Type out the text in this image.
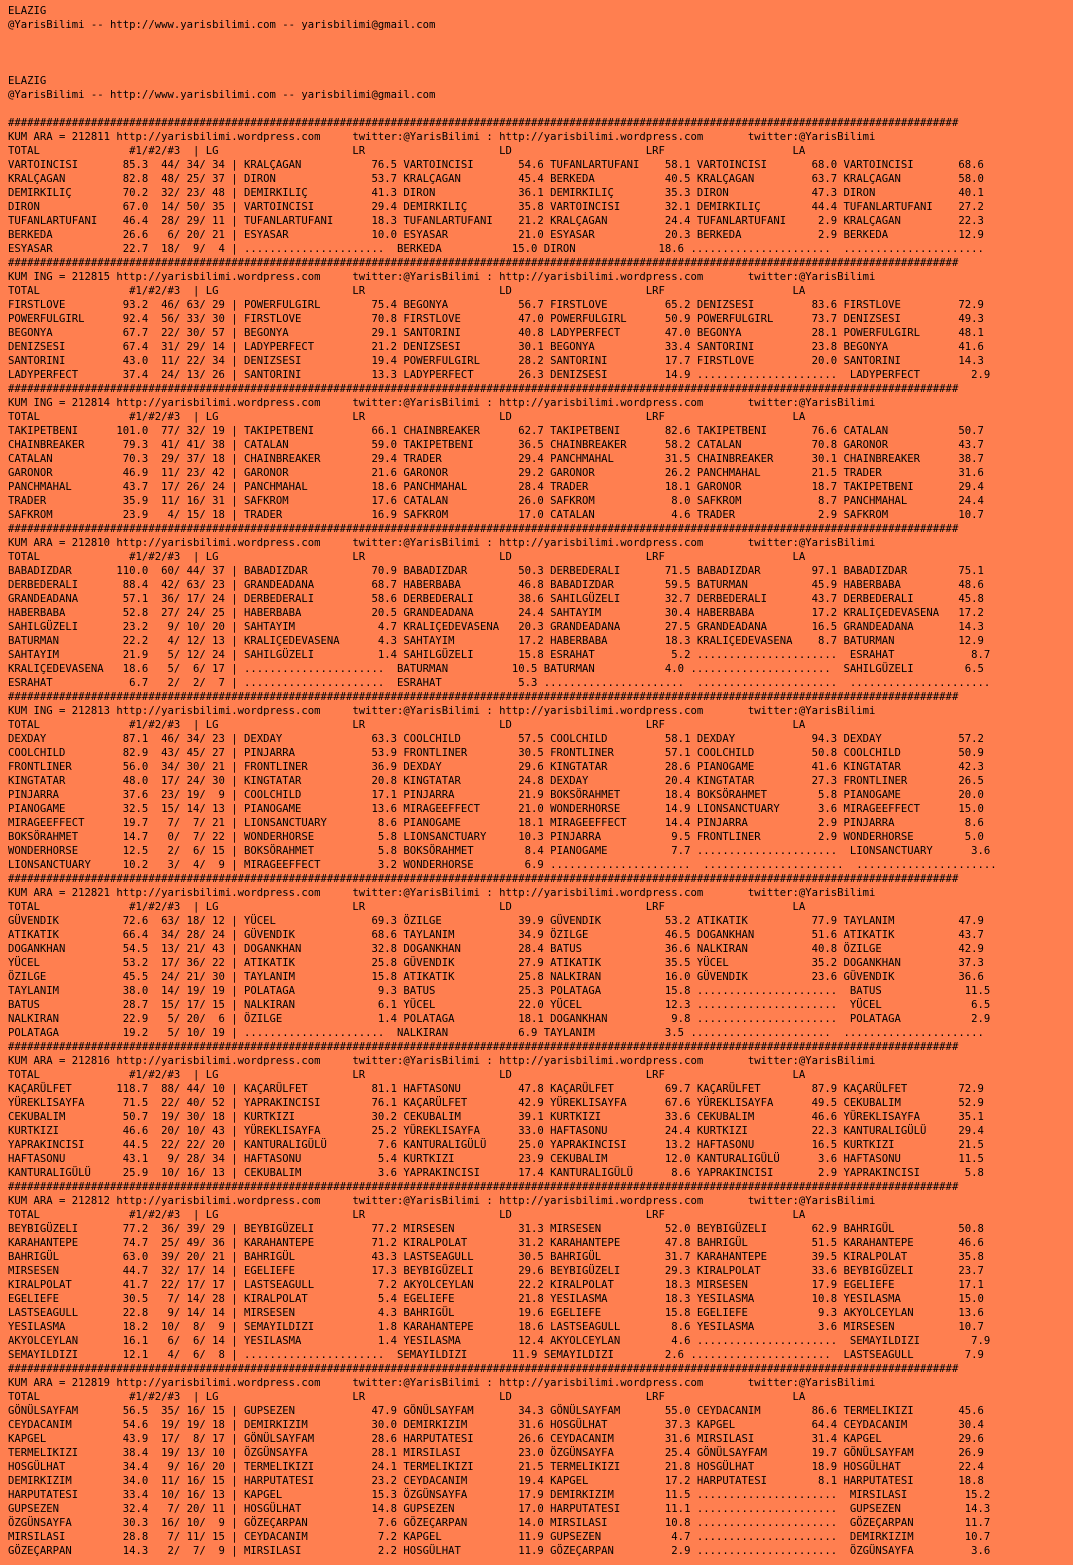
ELAZIG
@YarisBilimi -- http://www.yarisbilimi.com -- yarisbilimi@gmail.com

ELAZIG
@YarisBilimi -- http://www.yarisbilimi.com -- yarisbilimi@gmail.com

#####################################################################################################################################################
KUM ARA = 212811 http://yarisbilimi.wordpress.com     twitter:@YarisBilimi : http://yarisbilimi.wordpress.com       twitter:@YarisBilimi
TOTAL              #1/#2/#3  | LG                     LR                     LD                     LRF                    LA
VARTOINCISI       85.3  44/ 34/ 34 | KRALÇAGAN           76.5 VARTOINCISI       54.6 TUFANLARTUFANI    58.1 VARTOINCISI       68.0 VARTOINCISI       68.6
KRALÇAGAN         82.8  48/ 25/ 37 | DIRON               53.7 KRALÇAGAN         45.4 BERKEDA           40.5 KRALÇAGAN         63.7 KRALÇAGAN         58.0
DEMIRKILIÇ        70.2  32/ 23/ 48 | DEMIRKILIÇ          41.3 DIRON             36.1 DEMIRKILIÇ        35.3 DIRON             47.3 DIRON             40.1
DIRON             67.0  14/ 50/ 35 | VARTOINCISI         29.4 DEMIRKILIÇ        35.8 VARTOINCISI       32.1 DEMIRKILIÇ        44.4 TUFANLARTUFANI    27.2
TUFANLARTUFANI    46.4  28/ 29/ 11 | TUFANLARTUFANI      18.3 TUFANLARTUFANI    21.2 KRALÇAGAN         24.4 TUFANLARTUFANI     2.9 KRALÇAGAN         22.3
BERKEDA           26.6   6/ 20/ 21 | ESYASAR             10.0 ESYASAR           21.0 ESYASAR           20.3 BERKEDA            2.9 BERKEDA           12.9
ESYASAR           22.7  18/  9/  4 | ......................  BERKEDA           15.0 DIRON             18.6 ......................  ......................
#####################################################################################################################################################
KUM ING = 212815 http://yarisbilimi.wordpress.com     twitter:@YarisBilimi : http://yarisbilimi.wordpress.com       twitter:@YarisBilimi
TOTAL              #1/#2/#3  | LG                     LR                     LD                     LRF                    LA
FIRSTLOVE         93.2  46/ 63/ 29 | POWERFULGIRL        75.4 BEGONYA           56.7 FIRSTLOVE         65.2 DENIZSESI         83.6 FIRSTLOVE         72.9
POWERFULGIRL      92.4  56/ 33/ 30 | FIRSTLOVE           70.8 FIRSTLOVE         47.0 POWERFULGIRL      50.9 POWERFULGIRL      73.7 DENIZSESI         49.3
BEGONYA           67.7  22/ 30/ 57 | BEGONYA             29.1 SANTORINI         40.8 LADYPERFECT       47.0 BEGONYA           28.1 POWERFULGIRL      48.1
DENIZSESI         67.4  31/ 29/ 14 | LADYPERFECT         21.2 DENIZSESI         30.1 BEGONYA           33.4 SANTORINI         23.8 BEGONYA           41.6
SANTORINI         43.0  11/ 22/ 34 | DENIZSESI           19.4 POWERFULGIRL      28.2 SANTORINI         17.7 FIRSTLOVE         20.0 SANTORINI         14.3
LADYPERFECT       37.4  24/ 13/ 26 | SANTORINI           13.3 LADYPERFECT       26.3 DENIZSESI         14.9 ......................  LADYPERFECT        2.9
#####################################################################################################################################################
KUM ING = 212814 http://yarisbilimi.wordpress.com     twitter:@YarisBilimi : http://yarisbilimi.wordpress.com       twitter:@YarisBilimi
TOTAL              #1/#2/#3  | LG                     LR                     LD                     LRF                    LA
TAKIPETBENI      101.0  77/ 32/ 19 | TAKIPETBENI         66.1 CHAINBREAKER      62.7 TAKIPETBENI       82.6 TAKIPETBENI       76.6 CATALAN           50.7
CHAINBREAKER      79.3  41/ 41/ 38 | CATALAN             59.0 TAKIPETBENI       36.5 CHAINBREAKER      58.2 CATALAN           70.8 GARONOR           43.7
CATALAN           70.3  29/ 37/ 18 | CHAINBREAKER        29.4 TRADER            29.4 PANCHMAHAL        31.5 CHAINBREAKER      30.1 CHAINBREAKER      38.7
GARONOR           46.9  11/ 23/ 42 | GARONOR             21.6 GARONOR           29.2 GARONOR           26.2 PANCHMAHAL        21.5 TRADER            31.6
PANCHMAHAL        43.7  17/ 26/ 24 | PANCHMAHAL          18.6 PANCHMAHAL        28.4 TRADER            18.1 GARONOR           18.7 TAKIPETBENI       29.4
TRADER            35.9  11/ 16/ 31 | SAFKROM             17.6 CATALAN           26.0 SAFKROM            8.0 SAFKROM            8.7 PANCHMAHAL        24.4
SAFKROM           23.9   4/ 15/ 18 | TRADER              16.9 SAFKROM           17.0 CATALAN            4.6 TRADER             2.9 SAFKROM           10.7
#####################################################################################################################################################
KUM ARA = 212810 http://yarisbilimi.wordpress.com     twitter:@YarisBilimi : http://yarisbilimi.wordpress.com       twitter:@YarisBilimi
TOTAL              #1/#2/#3  | LG                     LR                     LD                     LRF                    LA
BABADIZDAR       110.0  60/ 44/ 37 | BABADIZDAR          70.9 BABADIZDAR        50.3 DERBEDERALI       71.5 BABADIZDAR        97.1 BABADIZDAR        75.1
DERBEDERALI       88.4  42/ 63/ 23 | GRANDEADANA         68.7 HABERBABA         46.8 BABADIZDAR        59.5 BATURMAN          45.9 HABERBABA         48.6
GRANDEADANA       57.1  36/ 17/ 24 | DERBEDERALI         58.6 DERBEDERALI       38.6 SAHILGÜZELI       32.7 DERBEDERALI       43.7 DERBEDERALI       45.8
HABERBABA         52.8  27/ 24/ 25 | HABERBABA           20.5 GRANDEADANA       24.4 SAHTAYIM          30.4 HABERBABA         17.2 KRALIÇEDEVASENA   17.2
SAHILGÜZELI       23.2   9/ 10/ 20 | SAHTAYIM             4.7 KRALIÇEDEVASENA   20.3 GRANDEADANA       27.5 GRANDEADANA       16.5 GRANDEADANA       14.3
BATURMAN          22.2   4/ 12/ 13 | KRALIÇEDEVASENA      4.3 SAHTAYIM          17.2 HABERBABA         18.3 KRALIÇEDEVASENA    8.7 BATURMAN          12.9
SAHTAYIM          21.9   5/ 12/ 24 | SAHILGÜZELI          1.4 SAHILGÜZELI       15.8 ESRAHAT            5.2 ......................  ESRAHAT            8.7
KRALIÇEDEVASENA   18.6   5/  6/ 17 | ......................  BATURMAN          10.5 BATURMAN           4.0 ......................  SAHILGÜZELI        6.5
ESRAHAT            6.7   2/  2/  7 | ......................  ESRAHAT            5.3 ......................  ......................  ......................
#####################################################################################################################################################
KUM ING = 212813 http://yarisbilimi.wordpress.com     twitter:@YarisBilimi : http://yarisbilimi.wordpress.com       twitter:@YarisBilimi
TOTAL              #1/#2/#3  | LG                     LR                     LD                     LRF                    LA
DEXDAY            87.1  46/ 34/ 23 | DEXDAY              63.3 COOLCHILD         57.5 COOLCHILD         58.1 DEXDAY            94.3 DEXDAY            57.2
COOLCHILD         82.9  43/ 45/ 27 | PINJARRA            53.9 FRONTLINER        30.5 FRONTLINER        57.1 COOLCHILD         50.8 COOLCHILD         50.9
FRONTLINER        56.0  34/ 30/ 21 | FRONTLINER          36.9 DEXDAY            29.6 KINGTATAR         28.6 PIANOGAME         41.6 KINGTATAR         42.3
KINGTATAR         48.0  17/ 24/ 30 | KINGTATAR           20.8 KINGTATAR         24.8 DEXDAY            20.4 KINGTATAR         27.3 FRONTLINER        26.5
PINJARRA          37.6  23/ 19/  9 | COOLCHILD           17.1 PINJARRA          21.9 BOKSÖRAHMET       18.4 BOKSÖRAHMET        5.8 PIANOGAME         20.0
PIANOGAME         32.5  15/ 14/ 13 | PIANOGAME           13.6 MIRAGEEFFECT      21.0 WONDERHORSE       14.9 LIONSANCTUARY      3.6 MIRAGEEFFECT      15.0
MIRAGEEFFECT      19.7   7/  7/ 21 | LIONSANCTUARY        8.6 PIANOGAME         18.1 MIRAGEEFFECT      14.4 PINJARRA           2.9 PINJARRA           8.6
BOKSÖRAHMET       14.7   0/  7/ 22 | WONDERHORSE          5.8 LIONSANCTUARY     10.3 PINJARRA           9.5 FRONTLINER         2.9 WONDERHORSE        5.0
WONDERHORSE       12.5   2/  6/ 15 | BOKSÖRAHMET          5.8 BOKSÖRAHMET        8.4 PIANOGAME          7.7 ......................  LIONSANCTUARY      3.6
LIONSANCTUARY     10.2   3/  4/  9 | MIRAGEEFFECT         3.2 WONDERHORSE        6.9 ......................  ......................  ......................
#####################################################################################################################################################
KUM ARA = 212821 http://yarisbilimi.wordpress.com     twitter:@YarisBilimi : http://yarisbilimi.wordpress.com       twitter:@YarisBilimi
TOTAL              #1/#2/#3  | LG                     LR                     LD                     LRF                    LA
GÜVENDIK          72.6  63/ 18/ 12 | YÜCEL               69.3 ÖZILGE            39.9 GÜVENDIK          53.2 ATIKATIK          77.9 TAYLANIM          47.9
ATIKATIK          66.4  34/ 28/ 24 | GÜVENDIK            68.6 TAYLANIM          34.9 ÖZILGE            46.5 DOGANKHAN         51.6 ATIKATIK          43.7
DOGANKHAN         54.5  13/ 21/ 43 | DOGANKHAN           32.8 DOGANKHAN         28.4 BATUS             36.6 NALKIRAN          40.8 ÖZILGE            42.9
YÜCEL             53.2  17/ 36/ 22 | ATIKATIK            25.8 GÜVENDIK          27.9 ATIKATIK          35.5 YÜCEL             35.2 DOGANKHAN         37.3
ÖZILGE            45.5  24/ 21/ 30 | TAYLANIM            15.8 ATIKATIK          25.8 NALKIRAN          16.0 GÜVENDIK          23.6 GÜVENDIK          36.6
TAYLANIM          38.0  14/ 19/ 19 | POLATAGA             9.3 BATUS             25.3 POLATAGA          15.8 ......................  BATUS             11.5
BATUS             28.7  15/ 17/ 15 | NALKIRAN             6.1 YÜCEL             22.0 YÜCEL             12.3 ......................  YÜCEL              6.5
NALKIRAN          22.9   5/ 20/  6 | ÖZILGE               1.4 POLATAGA          18.1 DOGANKHAN          9.8 ......................  POLATAGA           2.9
POLATAGA          19.2   5/ 10/ 19 | ......................  NALKIRAN           6.9 TAYLANIM           3.5 ......................  ......................
#####################################################################################################################################################
KUM ARA = 212816 http://yarisbilimi.wordpress.com     twitter:@YarisBilimi : http://yarisbilimi.wordpress.com       twitter:@YarisBilimi
TOTAL              #1/#2/#3  | LG                     LR                     LD                     LRF                    LA
KAÇARÜLFET       118.7  88/ 44/ 10 | KAÇARÜLFET          81.1 HAFTASONU         47.8 KAÇARÜLFET        69.7 KAÇARÜLFET        87.9 KAÇARÜLFET        72.9
YÜREKLISAYFA      71.5  22/ 40/ 52 | YAPRAKINCISI        76.1 KAÇARÜLFET        42.9 YÜREKLISAYFA      67.6 YÜREKLISAYFA      49.5 CEKUBALIM         52.9
CEKUBALIM         50.7  19/ 30/ 18 | KURTKIZI            30.2 CEKUBALIM         39.1 KURTKIZI          33.6 CEKUBALIM         46.6 YÜREKLISAYFA      35.1
KURTKIZI          46.6  20/ 10/ 43 | YÜREKLISAYFA        25.2 YÜREKLISAYFA      33.0 HAFTASONU         24.4 KURTKIZI          22.3 KANTURALIGÜLÜ     29.4
YAPRAKINCISI      44.5  22/ 22/ 20 | KANTURALIGÜLÜ        7.6 KANTURALIGÜLÜ     25.0 YAPRAKINCISI      13.2 HAFTASONU         16.5 KURTKIZI          21.5
HAFTASONU         43.1   9/ 28/ 34 | HAFTASONU            5.4 KURTKIZI          23.9 CEKUBALIM         12.0 KANTURALIGÜLÜ      3.6 HAFTASONU         11.5
KANTURALIGÜLÜ     25.9  10/ 16/ 13 | CEKUBALIM            3.6 YAPRAKINCISI      17.4 KANTURALIGÜLÜ      8.6 YAPRAKINCISI       2.9 YAPRAKINCISI       5.8
#####################################################################################################################################################
KUM ARA = 212812 http://yarisbilimi.wordpress.com     twitter:@YarisBilimi : http://yarisbilimi.wordpress.com       twitter:@YarisBilimi
TOTAL              #1/#2/#3  | LG                     LR                     LD                     LRF                    LA
BEYBIGÜZELI       77.2  36/ 39/ 29 | BEYBIGÜZELI         77.2 MIRSESEN          31.3 MIRSESEN          52.0 BEYBIGÜZELI       62.9 BAHRIGÜL          50.8
KARAHANTEPE       74.7  25/ 49/ 36 | KARAHANTEPE         71.2 KIRALPOLAT        31.2 KARAHANTEPE       47.8 BAHRIGÜL          51.5 KARAHANTEPE       46.6
BAHRIGÜL          63.0  39/ 20/ 21 | BAHRIGÜL            43.3 LASTSEAGULL       30.5 BAHRIGÜL          31.7 KARAHANTEPE       39.5 KIRALPOLAT        35.8
MIRSESEN          44.7  32/ 17/ 14 | EGELIEFE            17.3 BEYBIGÜZELI       29.6 BEYBIGÜZELI       29.3 KIRALPOLAT        33.6 BEYBIGÜZELI       23.7
KIRALPOLAT        41.7  22/ 17/ 17 | LASTSEAGULL          7.2 AKYOLCEYLAN       22.2 KIRALPOLAT        18.3 MIRSESEN          17.9 EGELIEFE          17.1
EGELIEFE          30.5   7/ 14/ 28 | KIRALPOLAT           5.4 EGELIEFE          21.8 YESILASMA         18.3 YESILASMA         10.8 YESILASMA         15.0
LASTSEAGULL       22.8   9/ 14/ 14 | MIRSESEN             4.3 BAHRIGÜL          19.6 EGELIEFE          15.8 EGELIEFE           9.3 AKYOLCEYLAN       13.6
YESILASMA         18.2  10/  8/  9 | SEMAYILDIZI          1.8 KARAHANTEPE       18.6 LASTSEAGULL        8.6 YESILASMA          3.6 MIRSESEN          10.7
AKYOLCEYLAN       16.1   6/  6/ 14 | YESILASMA            1.4 YESILASMA         12.4 AKYOLCEYLAN        4.6 ......................  SEMAYILDIZI        7.9
SEMAYILDIZI       12.1   4/  6/  8 | ......................  SEMAYILDIZI       11.9 SEMAYILDIZI        2.6 ......................  LASTSEAGULL        7.9
#####################################################################################################################################################
KUM ARA = 212819 http://yarisbilimi.wordpress.com     twitter:@YarisBilimi : http://yarisbilimi.wordpress.com       twitter:@YarisBilimi
TOTAL              #1/#2/#3  | LG                     LR                     LD                     LRF                    LA
GÖNÜLSAYFAM       56.5  35/ 16/ 15 | GUPSEZEN            47.9 GÖNÜLSAYFAM       34.3 GÖNÜLSAYFAM       55.0 CEYDACANIM        86.6 TERMELIKIZI       45.6
CEYDACANIM        54.6  19/ 19/ 18 | DEMIRKIZIM          30.0 DEMIRKIZIM        31.6 HOSGÜLHAT         37.3 KAPGEL            64.4 CEYDACANIM        30.4
KAPGEL            43.9  17/  8/ 17 | GÖNÜLSAYFAM         28.6 HARPUTATESI       26.6 CEYDACANIM        31.6 MIRSILASI         31.4 KAPGEL            29.6
TERMELIKIZI       38.4  19/ 13/ 10 | ÖZGÜNSAYFA          28.1 MIRSILASI         23.0 ÖZGÜNSAYFA        25.4 GÖNÜLSAYFAM       19.7 GÖNÜLSAYFAM       26.9
HOSGÜLHAT         34.4   9/ 16/ 20 | TERMELIKIZI         24.1 TERMELIKIZI       21.5 TERMELIKIZI       21.8 HOSGÜLHAT         18.9 HOSGÜLHAT         22.4
DEMIRKIZIM        34.0  11/ 16/ 15 | HARPUTATESI         23.2 CEYDACANIM        19.4 KAPGEL            17.2 HARPUTATESI        8.1 HARPUTATESI       18.8
HARPUTATESI       33.4  10/ 16/ 13 | KAPGEL              15.3 ÖZGÜNSAYFA        17.9 DEMIRKIZIM        11.5 ......................  MIRSILASI         15.2
GUPSEZEN          32.4   7/ 20/ 11 | HOSGÜLHAT           14.8 GUPSEZEN          17.0 HARPUTATESI       11.1 ......................  GUPSEZEN          14.3
ÖZGÜNSAYFA        30.3  16/ 10/  9 | GÖZEÇARPAN           7.6 GÖZEÇARPAN        14.0 MIRSILASI         10.8 ......................  GÖZEÇARPAN        11.7
MIRSILASI         28.8   7/ 11/ 15 | CEYDACANIM           7.2 KAPGEL            11.9 GUPSEZEN           4.7 ......................  DEMIRKIZIM        10.7
GÖZEÇARPAN        14.3   2/  7/  9 | MIRSILASI            2.2 HOSGÜLHAT         11.9 GÖZEÇARPAN         2.9 ......................  ÖZGÜNSAYFA         3.6
